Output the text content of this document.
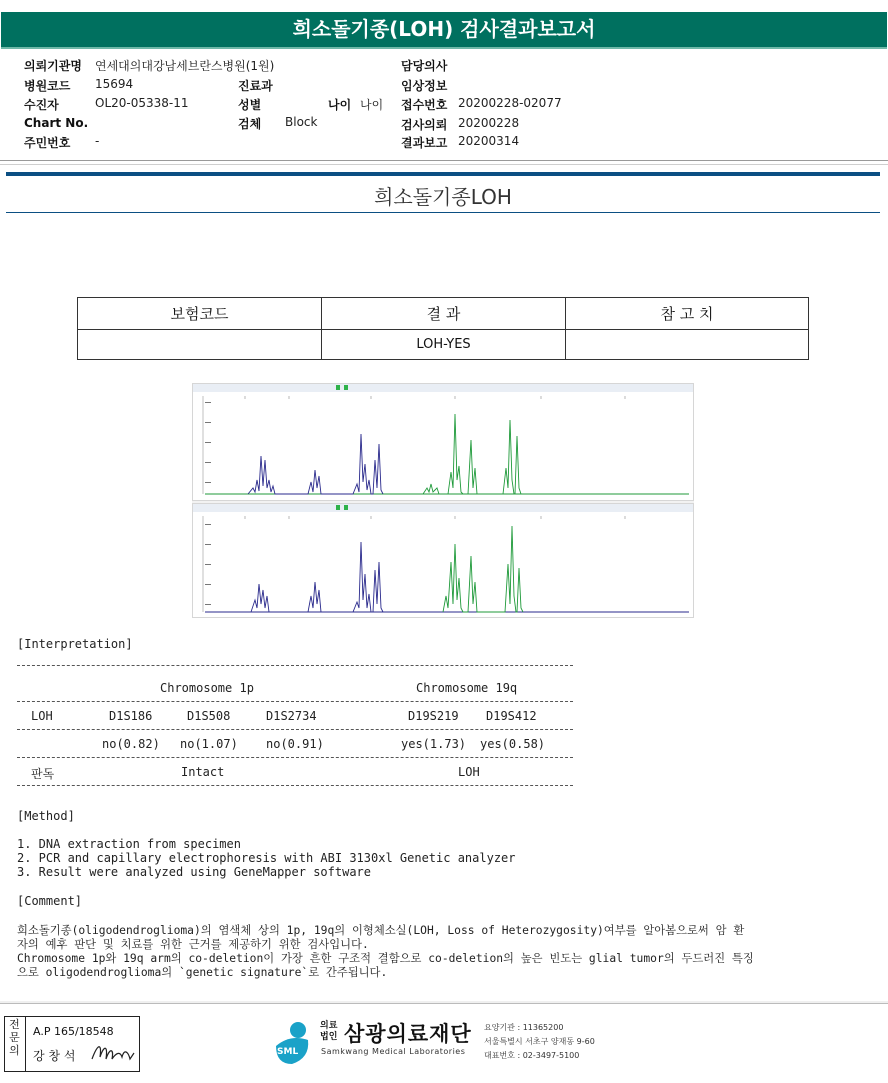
희소돌기종(LOH) 검사결과보고서
의뢰기관명 연세대의대강남세브란스병원(1원)
병원코드 15694
수진자	OL20-05338-11
Chart No.
주민번호 -
진료과
성별
검체 Block
나이 나이
담당의사
임상정보
접수번호 20200228-02077
검사의뢰 20200228
결과보고 20200314
희소돌기종LOH
보험코드	결 과	참 고 치
	LOH-YES	
[Interpretation]
Chromosome 1p	Chromosome 19q
LOH	D1S186	D1S508	D1S2734	D19S219 D19S412
no(0.82) no(1.07) no(0.91)	yes(1.73) yes(0.58)
판독	Intact	LOH
[Method]
1. DNA extraction from specimen
2. PCR and capillary electrophoresis with ABI 3130xl Genetic analyzer
3. Result were analyzed using GeneMapper software
[Comment]
희소돌기종(oligodendroglioma)의 염색체 상의 1p, 19q의 이형체소실(LOH, Loss of Heterozygosity)여부를 알아봄으로써 암 환
자의 예후 판단 및 치료를 위한 근거를 제공하기 위한 검사입니다.
Chromosome 1p와 19q arm의 co-deletion이 가장 흔한 구조적 결함으로 co-deletion의 높은 빈도는 glial tumor의 두드러진 특징
으로 oligodendroglioma의 `genetic signature`로 간주됩니다.
전문의
A.P 165/18548
강 창 석	SML
의료
법인 삼광의료재단
Samkwang Medical Laboratories
요양기관 : 11365200
서울특별시 서초구 양재동 9-60
대표번호 : 02-3497-5100
